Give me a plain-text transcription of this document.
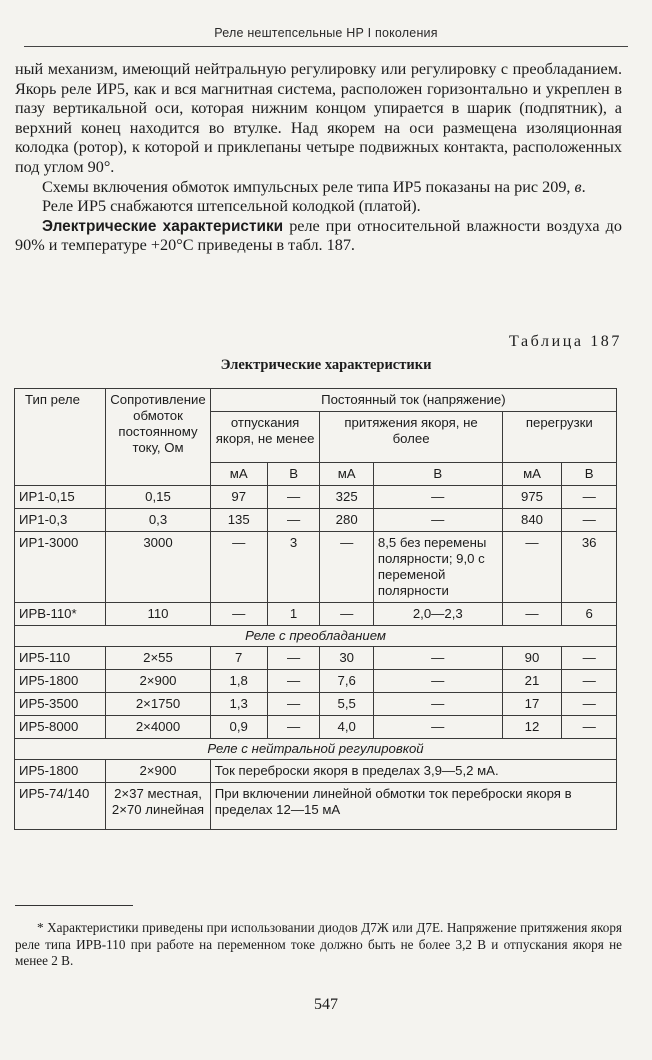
Реле нештепсельные НР I поколения

ный механизм, имеющий нейтральную регулировку или регулировку с преобладанием. Якорь реле ИР5, как и вся магнитная система, расположен горизонтально и укреплен в пазу вертикальной оси, которая нижним концом упирается в шарик (подпятник), а верхний конец находится во втулке. Над якорем на оси размещена изоляционная колодка (ротор), к которой и приклепаны четыре подвижных контакта, расположенных под углом 90°.

Схемы включения обмоток импульсных реле типа ИР5 показаны на рис 209, в.

Реле ИР5 снабжаются штепсельной колодкой (платой).

Электрические характеристики реле при относительной влажности воздуха до 90% и температуре +20°С приведены в табл. 187.

Таблица 187
Электрические характеристики
Тип реле	Сопротивление обмоток постоянному току, Ом	Постоянный ток (напряжение)					
		отпускания якоря, не менее		притяжения якоря, не более		перегрузки	
		мА	В	мА	В	мА	В
ИР1-0,15	0,15	97	—	325	—	975	—
ИР1-0,3	0,3	135	—	280	—	840	—
ИР1-3000	3000	—	3	—	8,5 без перемены полярности; 9,0 с переменой полярности	—	36
ИРВ-110*	110	—	1	—	2,0—2,3	—	6
Реле с преобладанием							
ИР5-110	2×55	7	—	30	—	90	—
ИР5-1800	2×900	1,8	—	7,6	—	21	—
ИР5-3500	2×1750	1,3	—	5,5	—	17	—
ИР5-8000	2×4000	0,9	—	4,0	—	12	—
Реле с нейтральной регулировкой							
ИР5-1800	2×900	Ток переброски якоря в пределах 3,9—5,2 мА.					
ИР5-74/140	2×37 местная, 2×70 линейная	При включении линейной обмотки ток переброски якоря в пределах 12—15 мА					
* Характеристики приведены при использовании диодов Д7Ж или Д7Е. Напряжение притяжения якоря реле типа ИРВ-110 при работе на переменном токе должно быть не более 3,2 В и отпускания якоря не менее 2 В.
547
